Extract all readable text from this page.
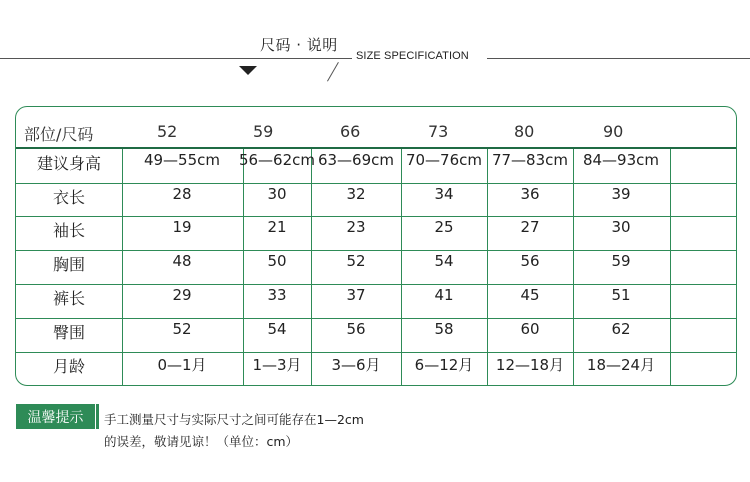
尺码 · 说明
SIZE SPECIFICATION
部位/尺码	52	59	66	73	80	90
建议身高	49—55cm	56—62cm 63—69cm 70—76cm 77—83cm 84—93cm
衣长	28	30	32	34	36	39
袖长	19	21	23	25	27	30
胸围	48	50	52	54	56	59
裤长	29	33	37	41	45	51
臀围	52	54	56	58	60	62
月龄	0—1月	1—3月	3—6月	6—12月	12—18月	18—24月
温馨提示	手工测量尺寸与实际尺寸之间可能存在1—2cm
的误差，敬请见谅！（单位：cm）
